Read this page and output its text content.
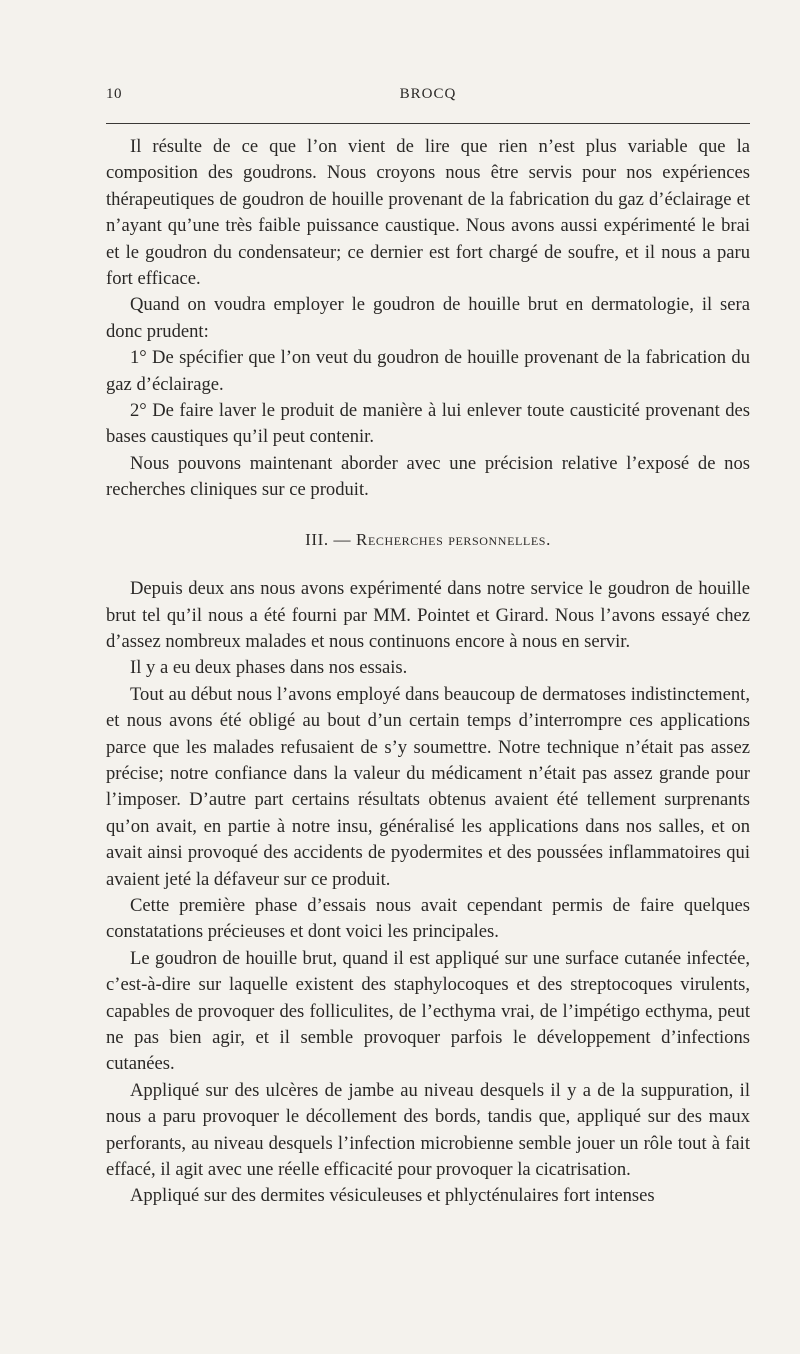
10	BROCQ

Il résulte de ce que l’on vient de lire que rien n’est plus variable que la composition des goudrons. Nous croyons nous être servis pour nos expériences thérapeutiques de goudron de houille provenant de la fabrication du gaz d’éclairage et n’ayant qu’une très faible puissance caustique. Nous avons aussi expérimenté le brai et le goudron du condensateur; ce dernier est fort chargé de soufre, et il nous a paru fort efficace.

Quand on voudra employer le goudron de houille brut en dermatologie, il sera donc prudent:

1° De spécifier que l’on veut du goudron de houille provenant de la fabrication du gaz d’éclairage.

2° De faire laver le produit de manière à lui enlever toute causticité provenant des bases caustiques qu’il peut contenir.

Nous pouvons maintenant aborder avec une précision relative l’exposé de nos recherches cliniques sur ce produit.

III. — Recherches personnelles.

Depuis deux ans nous avons expérimenté dans notre service le goudron de houille brut tel qu’il nous a été fourni par MM. Pointet et Girard. Nous l’avons essayé chez d’assez nombreux malades et nous continuons encore à nous en servir.

Il y a eu deux phases dans nos essais.

Tout au début nous l’avons employé dans beaucoup de dermatoses indistinctement, et nous avons été obligé au bout d’un certain temps d’interrompre ces applications parce que les malades refusaient de s’y soumettre. Notre technique n’était pas assez précise; notre confiance dans la valeur du médicament n’était pas assez grande pour l’imposer. D’autre part certains résultats obtenus avaient été tellement surprenants qu’on avait, en partie à notre insu, généralisé les applications dans nos salles, et on avait ainsi provoqué des accidents de pyodermites et des poussées inflammatoires qui avaient jeté la défaveur sur ce produit.

Cette première phase d’essais nous avait cependant permis de faire quelques constatations précieuses et dont voici les principales.

Le goudron de houille brut, quand il est appliqué sur une surface cutanée infectée, c’est-à-dire sur laquelle existent des staphylocoques et des streptocoques virulents, capables de provoquer des folliculites, de l’ecthyma vrai, de l’impétigo ecthyma, peut ne pas bien agir, et il semble provoquer parfois le développement d’infections cutanées.

Appliqué sur des ulcères de jambe au niveau desquels il y a de la suppuration, il nous a paru provoquer le décollement des bords, tandis que, appliqué sur des maux perforants, au niveau desquels l’infection microbienne semble jouer un rôle tout à fait effacé, il agit avec une réelle efficacité pour provoquer la cicatrisation.

Appliqué sur des dermites vésiculeuses et phlycténulaires fort intenses
